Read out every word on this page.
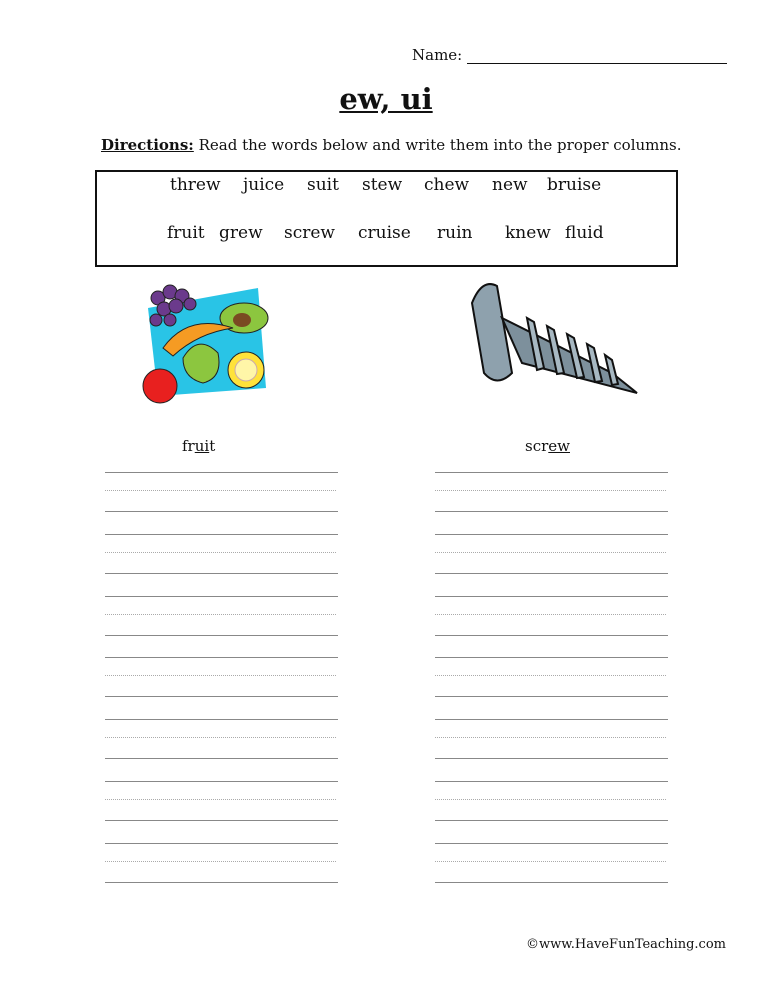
Name:
ew, ui
Directions: Read the words below and write them into the proper columns.
threw juice suit stew chew new bruise
fruit grew screw cruise ruin knew fluid
fruit	screw
©www.HaveFunTeaching.com
